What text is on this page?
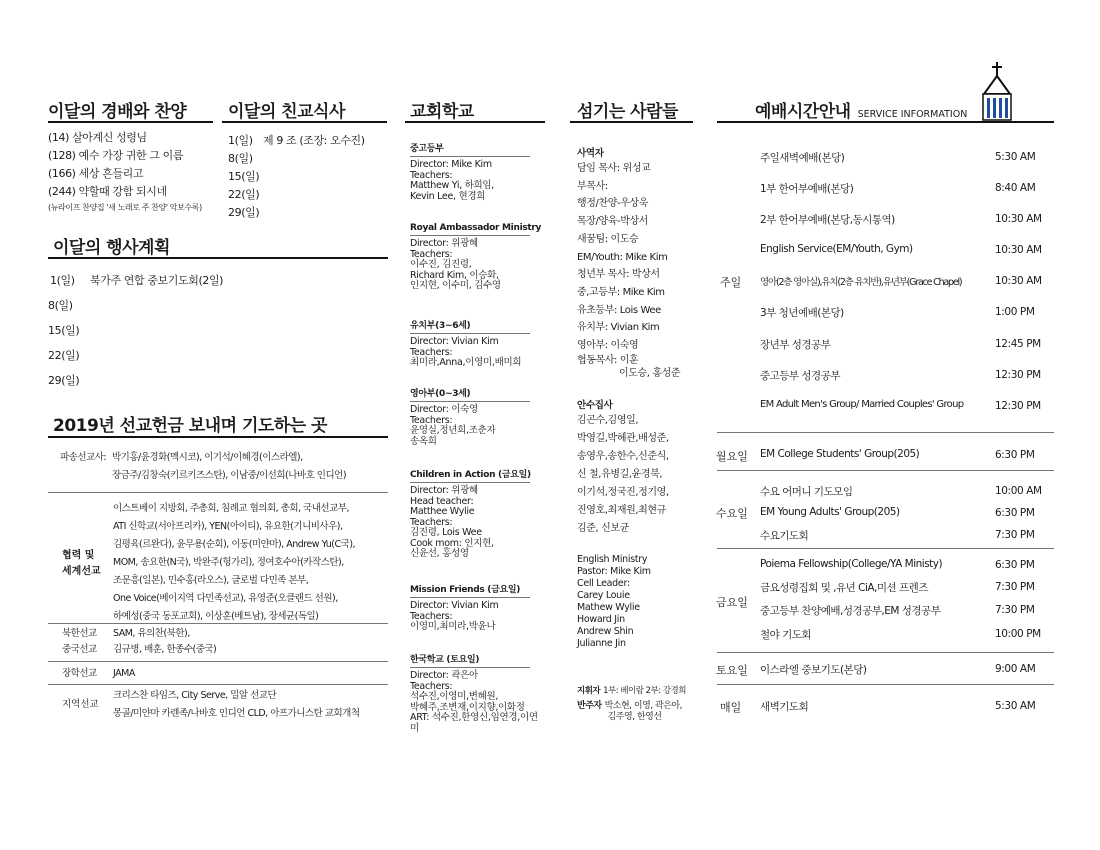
이달의 경배와 찬양
(14) 살아계신 성령님
(128) 예수 가장 귀한 그 이름
(166) 세상 흔들리고
(244) 약할때 강함 되시네
(뉴라이프 찬양집 '새 노래로 주 찬양' 악보수록)
이달의 친교식사
1(일) 제 9 조 (조장: 오수진)
8(일)
15(일)
22(일)
29(일)
이달의 행사계획
1(일)	북가주 연합 중보기도회(2일)
8(일)
15(일)
22(일)
29(일)
2019년 선교헌금 보내며 기도하는 곳
파송선교사: 박기홍/윤경화(멕시코), 이기석/이혜경(이스라엘),
장금주/김창숙(키르키즈스탄), 이남중/이선희(나바호 인디언)
협력 및
세계선교
이스트베이 지방회, 주총회, 침례교 협의회, 총회, 국내선교부,
ATI 신학교(서아프리카), YEN(아이티), 유요한(기니비사우),
김평육(르완다), 윤무용(순회), 이동(미얀마), Andrew Yu(C국),
MOM, 송요한(N국), 박완주(헝가리), 정여호수아(카작스탄),
조문흥(일본), 민수홍(라오스), 글로벌 다민족 본부,
One Voice(베이지역 다민족선교), 유영준(오클랜드 선원),
하예성(중국 동포교회), 이상훈(베트남), 장세균(독일)
북한선교	SAM, 유의찬(북한),
중국선교	김규병, 배훈, 한종수(중국)
장학선교	JAMA
지역선교
크리스찬 타임즈, City Serve, 밀알 선교단
몽골/미얀마 카렌족/나바호 인디언 CLD, 아프가니스탄 교회개척
교회학교
중고등부
Director: Mike Kim
Teachers:
Matthew Yi, 하희임,
Kevin Lee, 현경희
Royal Ambassador Ministry
Director: 위광혜
Teachers:
이수진, 김진령,
Richard Kim, 이승화,
인지현, 이수미, 김수영
유치부(3~6세)
Director: Vivian Kim
Teachers:
최미라,Anna,이영미,배미희
영아부(0~3세)
Director: 이숙영
Teachers:
윤영실,정년희,조춘자
송옥희
Children in Action (금요일)
Director: 위광혜
Head teacher:
Matthee Wylie
Teachers:
김진령, Lois Wee
Cook mom: 인지현,
신윤선, 홍성영
Mission Friends (금요일)
Director: Vivian Kim
Teachers:
이영미,최미라,박윤나
한국학교 (토요일)
Director: 곽은아
Teachers:
석수진,이영미,변혜원,
박혜주,조변재,이지향,이화정
ART: 석수진,한영신,임연경,이연미
섬기는 사람들
사역자
담임 목사: 위성교
부목사:
행정/찬양-우상욱
목장/양육-박상서
새꿈팀: 이도승
EM/Youth: Mike Kim
청년부 목사: 박상서
중,고등부: Mike Kim
유초등부: Lois Wee
유치부: Vivian Kim
영아부: 이숙영
협동목사: 이훈
이도승, 홍성준
안수집사
김곤수,김영일,
박영길,박혜관,배성준,
송영우,송한수,신준식,
신 철,유병길,윤경북,
이기석,정국진,정기영,
진영호,최재원,최현규
김준, 신보균
English Ministry
Pastor: Mike Kim
Cell Leader:
Carey Louie
Mathew Wylie
Howard Jin
Andrew Shin
Julianne Jin
지휘자 1부: 베이람 2부: 강경희
반주자 박소현, 이영, 곽은아,
김주영, 한영선
예배시간안내 SERVICE INFORMATION
주일
주일새벽예배(본당)	5:30 AM
1부 한어부예배(본당)	8:40 AM
2부 한어부예배(본당,동시통역)	10:30 AM
English Service(EM/Youth, Gym)	10:30 AM
영아(2층 영아실),유치(2층 유치반),유년부(Grace Chapel)	10:30 AM
3부 청년예배(본당)	1:00 PM
장년부 성경공부	12:45 PM
중고등부 성경공부	12:30 PM
EM Adult Men's Group/ Married Couples' Group	12:30 PM
월요일 EM College Students' Group(205)	6:30 PM
수요일
수요 어머니 기도모임	10:00 AM
EM Young Adults' Group(205)	6:30 PM
수요기도회	7:30 PM
금요일
Poiema Fellowship(College/YA Ministy)	6:30 PM
금요성령집회 및 ,유년 CiA,미션 프렌즈	7:30 PM
중고등부 찬양예배,성경공부,EM 성경공부	7:30 PM
철야 기도회	10:00 PM
토요일 이스라엘 중보기도(본당)	9:00 AM
매일 새벽기도회	5:30 AM
